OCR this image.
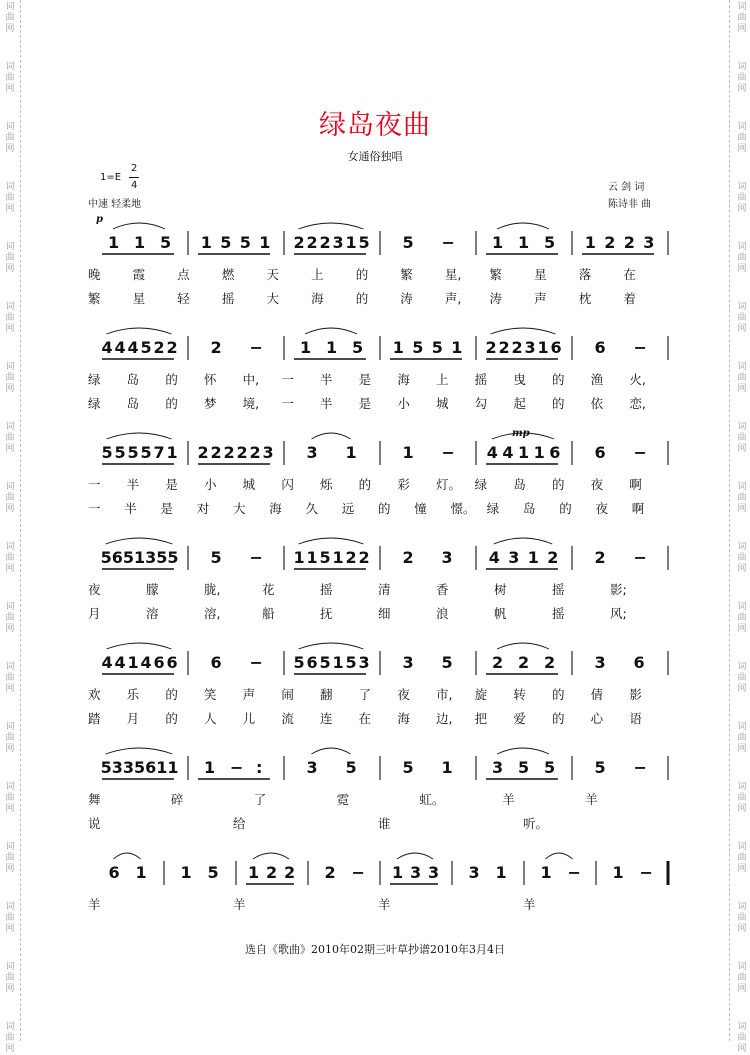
词
曲
网
词
曲
网
词
曲
网
词
曲
网
词
曲
网
词
曲
网
词
曲
网
词
曲
网
词
曲
网
词
曲
网
词
曲
网
词
曲
网
词
曲
网
词
曲
网
词
曲
网
词
曲
网
词
曲
网
词
曲
网
词
曲
网
词
曲
网
词
曲
网
词
曲
网
词
曲
网
词
曲
网
词
曲
网
词
曲
网
词
曲
网
词
曲
网
词
曲
网
词
曲
网
词
曲
网
词
曲
网
词
曲
网
词
曲
网
词
曲
网
词
曲
网
绿岛夜曲
女通俗独唱
1=E
2
4
中速 轻柔地
云 剑 词
陈诗非 曲
p
mp
晚	霞	点	燃	天	上	的	繁	星, 繁	星	落	在
繁	星	轻	摇	大	海	的	涛	声, 涛	声	枕	着
绿 岛 的 怀 中, 一 半 是 海 上 摇 曳 的 渔 火,
绿 岛 的 梦 境, 一 半 是 小 城 勾 起 的 依 恋,
一 半 是 小 城 闪 烁 的 彩 灯。 绿 岛 的 夜 啊
一 半 是 对 大 海 久 远 的 憧 憬。 绿 岛 的 夜 啊
夜	朦	胧,	花	摇	清	香	树	摇	影;
月	溶	溶,	船	抚	细	浪	帆	摇	风;
欢 乐 的 笑 声 闹 翻 了 夜 市, 旋 转 的 倩 影
踏 月 的 人 儿 流 连 在 海 边, 把 爱 的 心 语
舞	碎	了	霓	虹。	羊	羊
说	给	谁	听。
羊	羊	羊	羊
1 1 5 1 5 5 1 2 2 2 3 1 5 5 − 1 1 5 1 2 2 3
4 4 4 5 2 2 2 − 1 1 5 1 5 5 1 2 2 2 3 1 6 6 −
5 5 5 5 7 1 2 2 2 2 2 3 3 1	1 − 4 4 1 1 6 6 −
5 6 5 1 3 5 5 5 − 1 1 5 1 2 2 2 3 4 3 1 2 2 −
4 4 1 4 6 6 6 − 5 6 5 1 5 3 3 5 2 2 2 3 6
5 3 3 5 6 1 1 1 − :	3 5	5 1 3 5 5 5 −
6 1 1 5 1 2 2 2 − 1 3 3 3 1 1 − 1 −
选自《歌曲》2010年02期三叶草抄谱2010年3月4日
